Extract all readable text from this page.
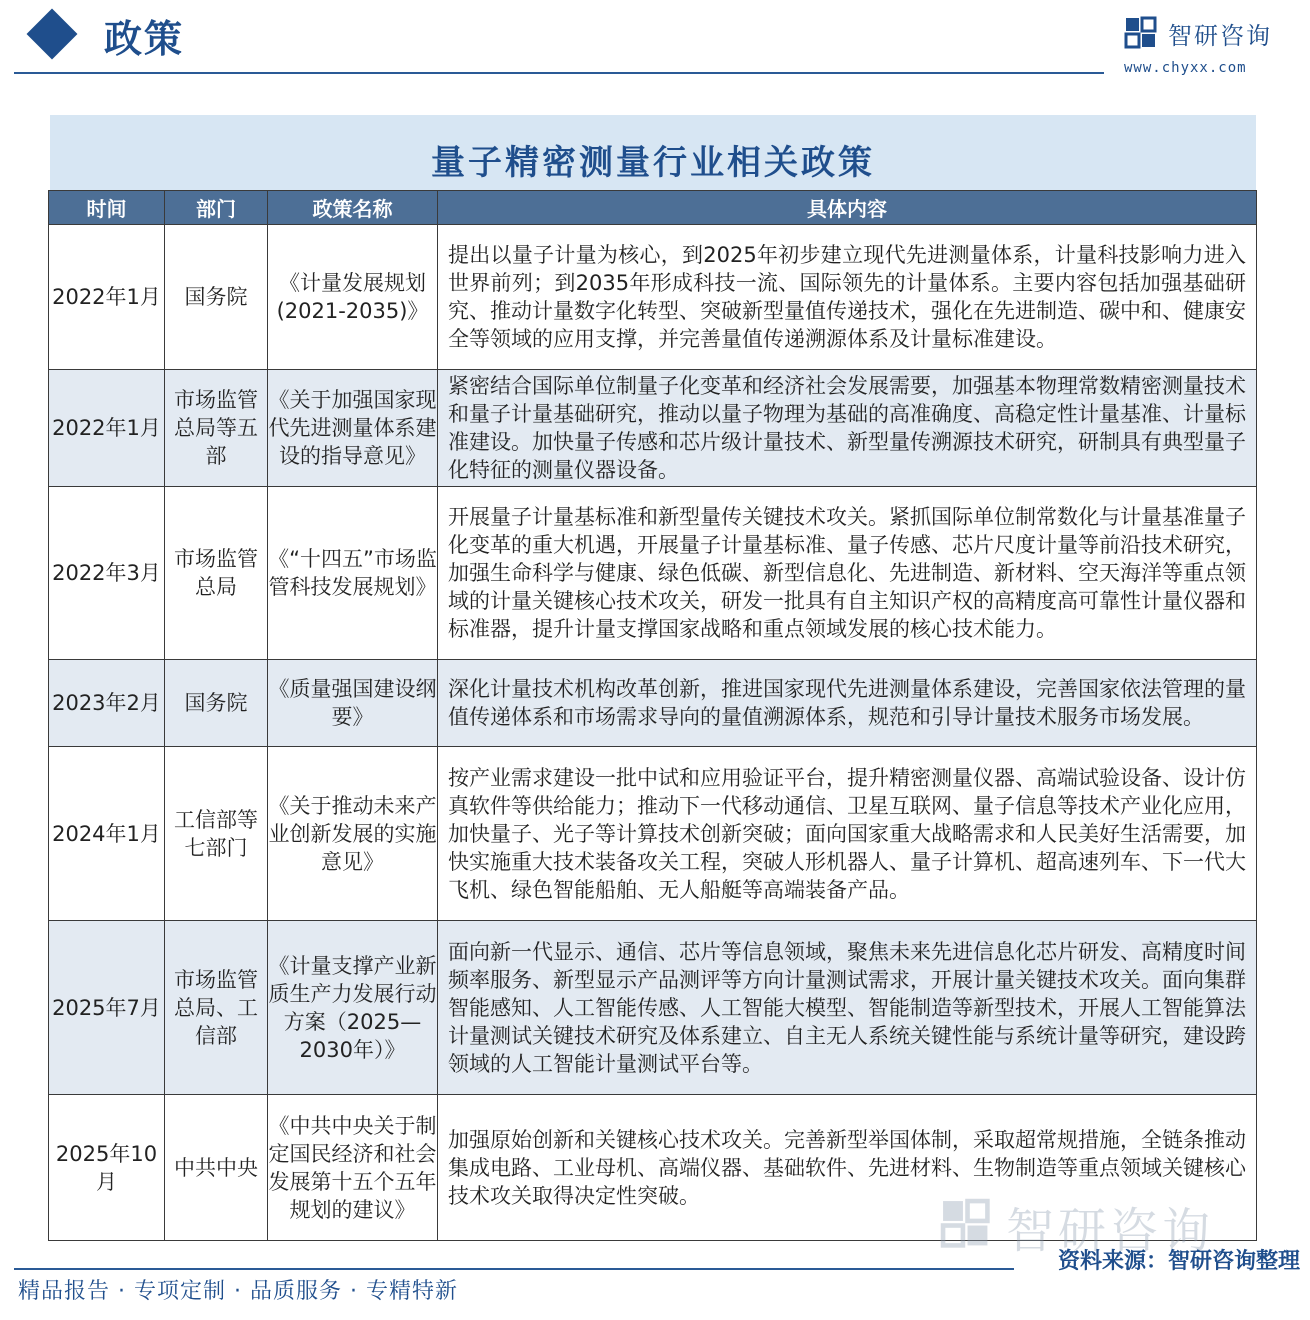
政策	智研咨询
www.chyxx.com
量子精密测量行业相关政策
时间	部门	政策名称	具体内容
2022年1月	国务院	《计量发展规划(2021-2035)》	提出以量子计量为核心，到2025年初步建立现代先进测量体系，计量科技影响力进入世界前列；到2035年形成科技一流、国际领先的计量体系。主要内容包括加强基础研究、推动计量数字化转型、突破新型量值传递技术，强化在先进制造、碳中和、健康安全等领域的应用支撑，并完善量值传递溯源体系及计量标准建设。
2022年1月	市场监管总局等五部	《关于加强国家现代先进测量体系建设的指导意见》	紧密结合国际单位制量子化变革和经济社会发展需要，加强基本物理常数精密测量技术和量子计量基础研究，推动以量子物理为基础的高准确度、高稳定性计量基准、计量标准建设。加快量子传感和芯片级计量技术、新型量传溯源技术研究，研制具有典型量子化特征的测量仪器设备。
2022年3月	市场监管总局	《“十四五”市场监管科技发展规划》	开展量子计量基标准和新型量传关键技术攻关。紧抓国际单位制常数化与计量基准量子化变革的重大机遇，开展量子计量基标准、量子传感、芯片尺度计量等前沿技术研究，加强生命科学与健康、绿色低碳、新型信息化、先进制造、新材料、空天海洋等重点领域的计量关键核心技术攻关，研发一批具有自主知识产权的高精度高可靠性计量仪器和标准器，提升计量支撑国家战略和重点领域发展的核心技术能力。
2023年2月	国务院	《质量强国建设纲要》	深化计量技术机构改革创新，推进国家现代先进测量体系建设，完善国家依法管理的量值传递体系和市场需求导向的量值溯源体系，规范和引导计量技术服务市场发展。
2024年1月	工信部等七部门	《关于推动未来产业创新发展的实施意见》	按产业需求建设一批中试和应用验证平台，提升精密测量仪器、高端试验设备、设计仿真软件等供给能力；推动下一代移动通信、卫星互联网、量子信息等技术产业化应用，加快量子、光子等计算技术创新突破；面向国家重大战略需求和人民美好生活需要，加快实施重大技术装备攻关工程，突破人形机器人、量子计算机、超高速列车、下一代大飞机、绿色智能船舶、无人船艇等高端装备产品。
2025年7月	市场监管总局、工信部	《计量支撑产业新质生产力发展行动方案（2025—2030年）》	面向新一代显示、通信、芯片等信息领域，聚焦未来先进信息化芯片研发、高精度时间频率服务、新型显示产品测评等方向计量测试需求，开展计量关键技术攻关。面向集群智能感知、人工智能传感、人工智能大模型、智能制造等新型技术，开展人工智能算法计量测试关键技术研究及体系建立、自主无人系统关键性能与系统计量等研究，建设跨领域的人工智能计量测试平台等。
2025年10月	中共中央	《中共中央关于制定国民经济和社会发展第十五个五年规划的建议》	加强原始创新和关键核心技术攻关。完善新型举国体制，采取超常规措施，全链条推动集成电路、工业母机、高端仪器、基础软件、先进材料、生物制造等重点领域关键核心技术攻关取得决定性突破。
智研咨询
资料来源：智研咨询整理
精品报告 · 专项定制 · 品质服务 · 专精特新
